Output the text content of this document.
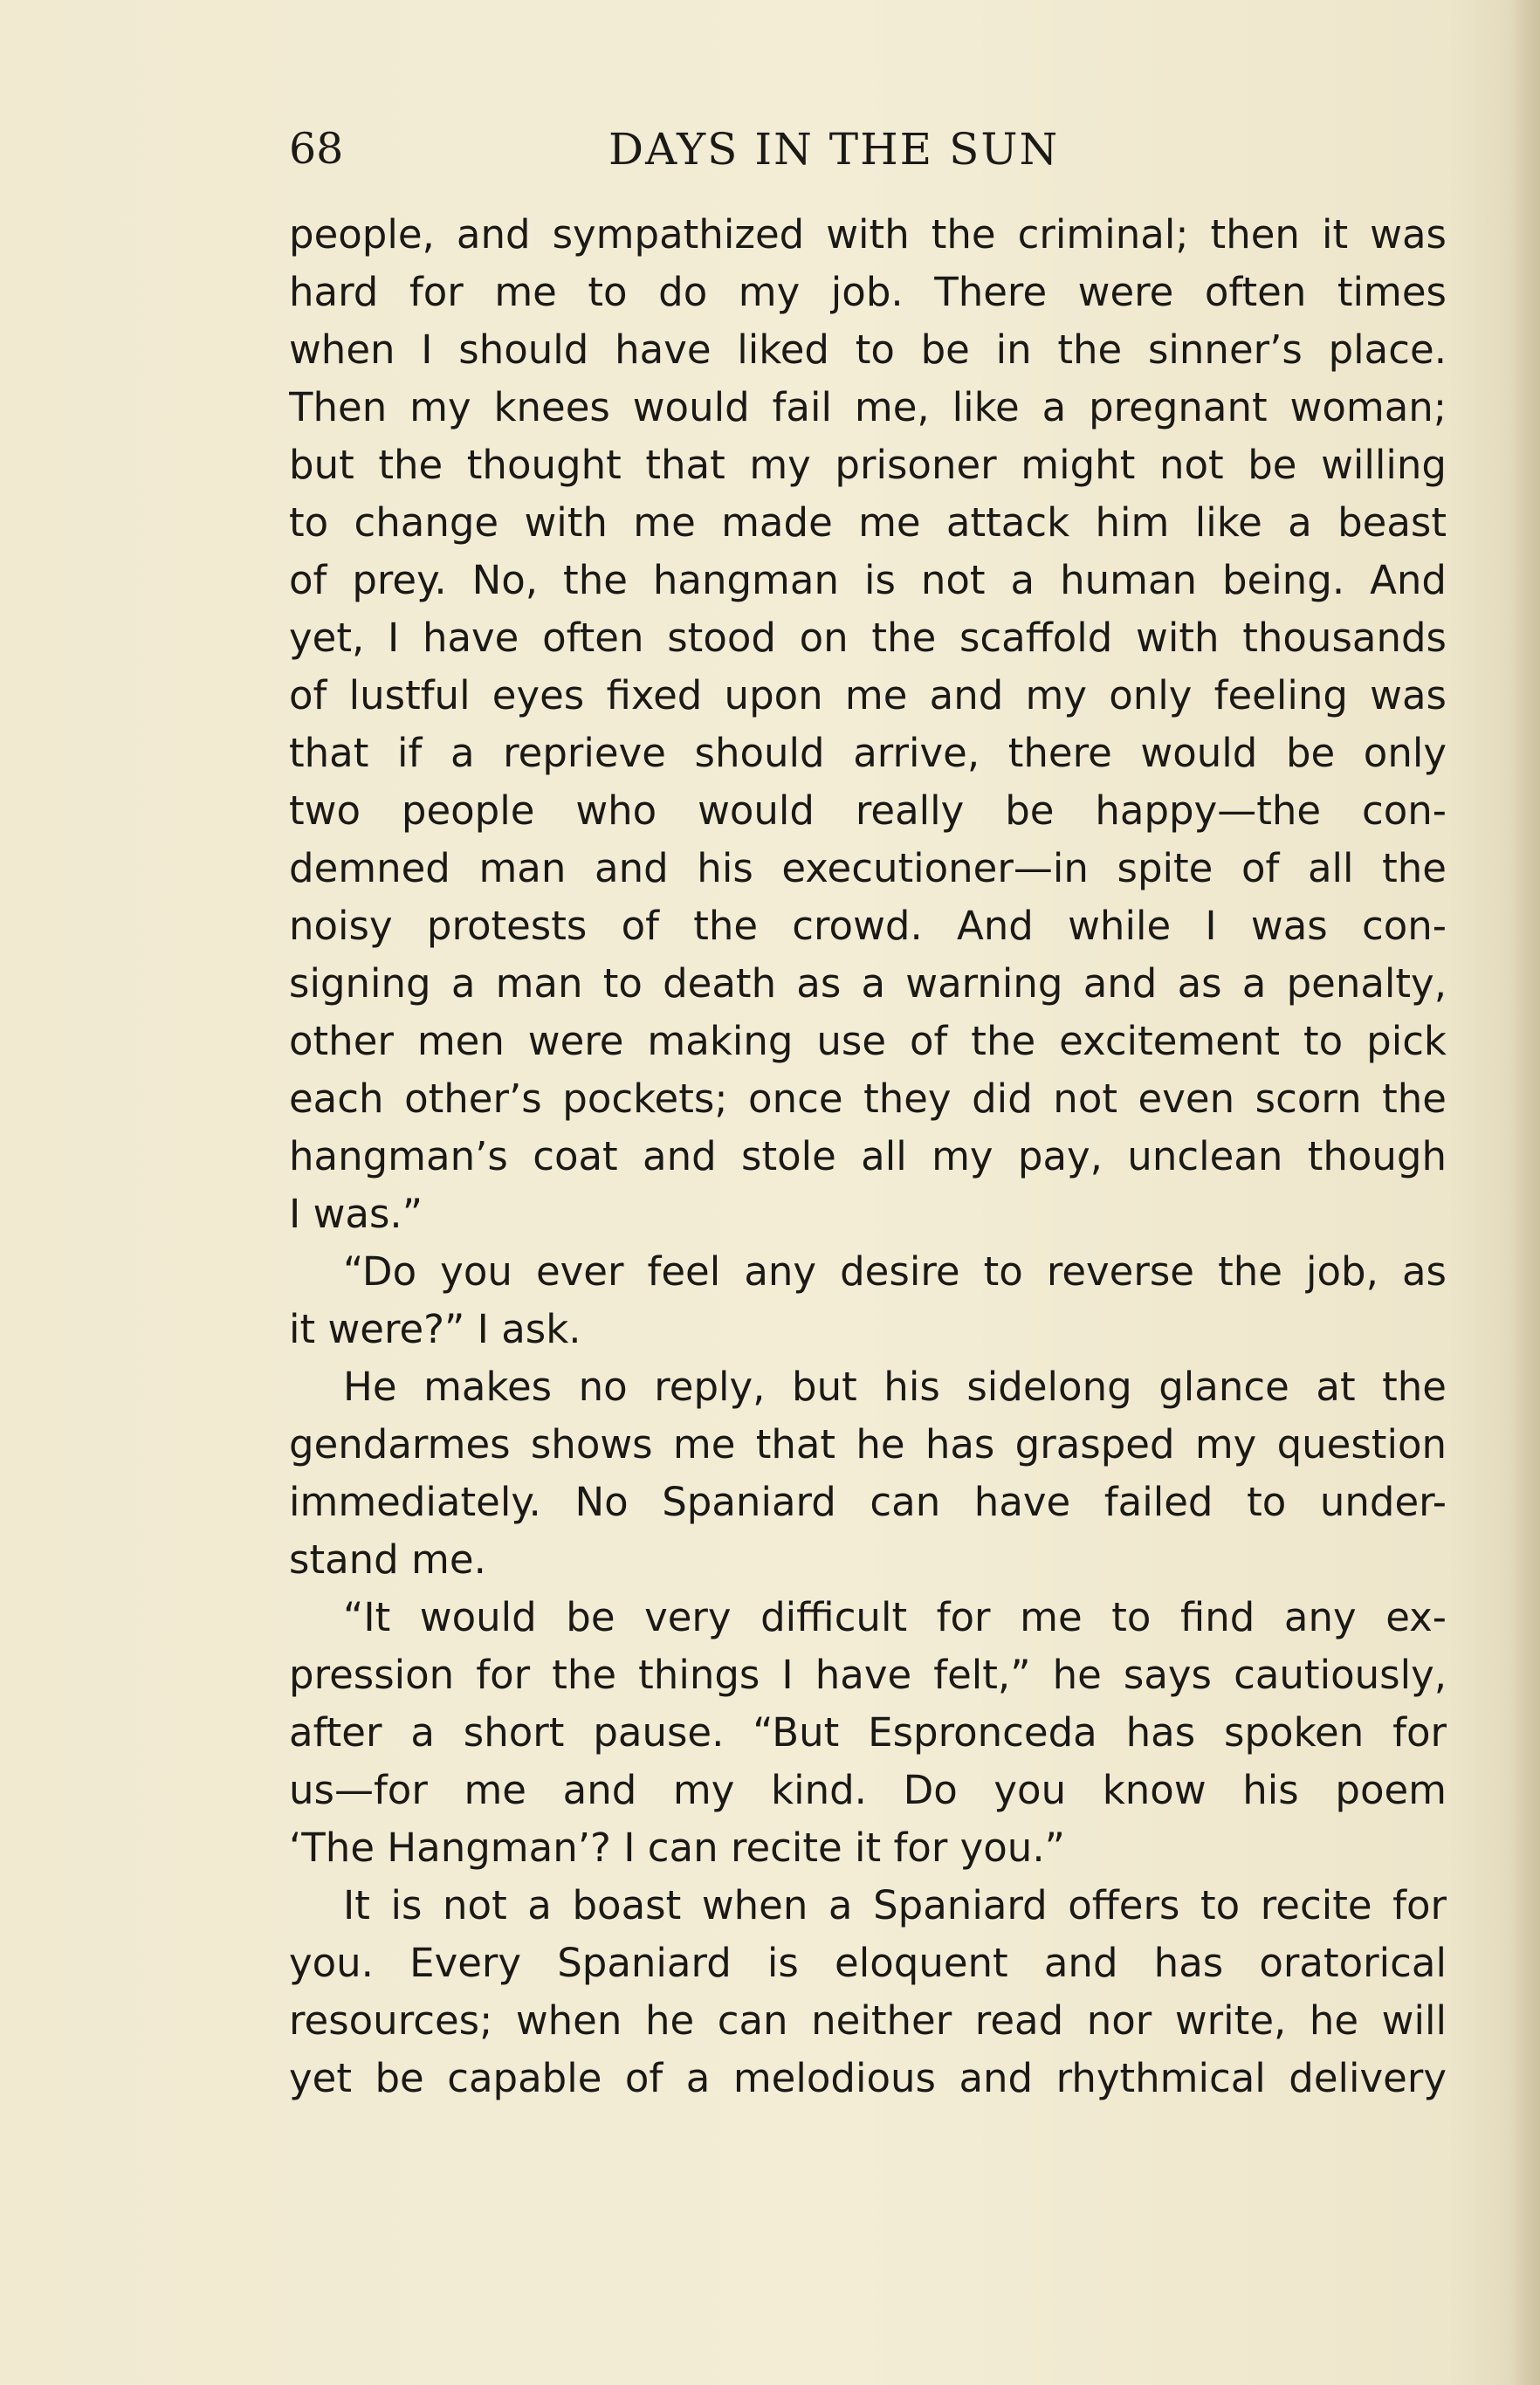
68	DAYS IN THE SUN
people, and sympathized with the criminal; then it was
hard for me to do my job. There were often times
when I should have liked to be in the sinner’s place.
Then my knees would fail me, like a pregnant woman;
but the thought that my prisoner might not be willing
to change with me made me attack him like a beast
of prey. No, the hangman is not a human being. And
yet, I have often stood on the scaffold with thousands
of lustful eyes fixed upon me and my only feeling was
that if a reprieve should arrive, there would be only
two people who would really be happy—the con-
demned man and his executioner—in spite of all the
noisy protests of the crowd. And while I was con-
signing a man to death as a warning and as a penalty,
other men were making use of the excitement to pick
each other’s pockets; once they did not even scorn the
hangman’s coat and stole all my pay, unclean though
I was.”
“Do you ever feel any desire to reverse the job, as
it were?” I ask.
He makes no reply, but his sidelong glance at the
gendarmes shows me that he has grasped my question
immediately. No Spaniard can have failed to under-
stand me.
“It would be very difficult for me to find any ex-
pression for the things I have felt,” he says cautiously,
after a short pause. “But Espronceda has spoken for
us—for me and my kind. Do you know his poem
‘The Hangman’? I can recite it for you.”
It is not a boast when a Spaniard offers to recite for
you. Every Spaniard is eloquent and has oratorical
resources; when he can neither read nor write, he will
yet be capable of a melodious and rhythmical delivery
